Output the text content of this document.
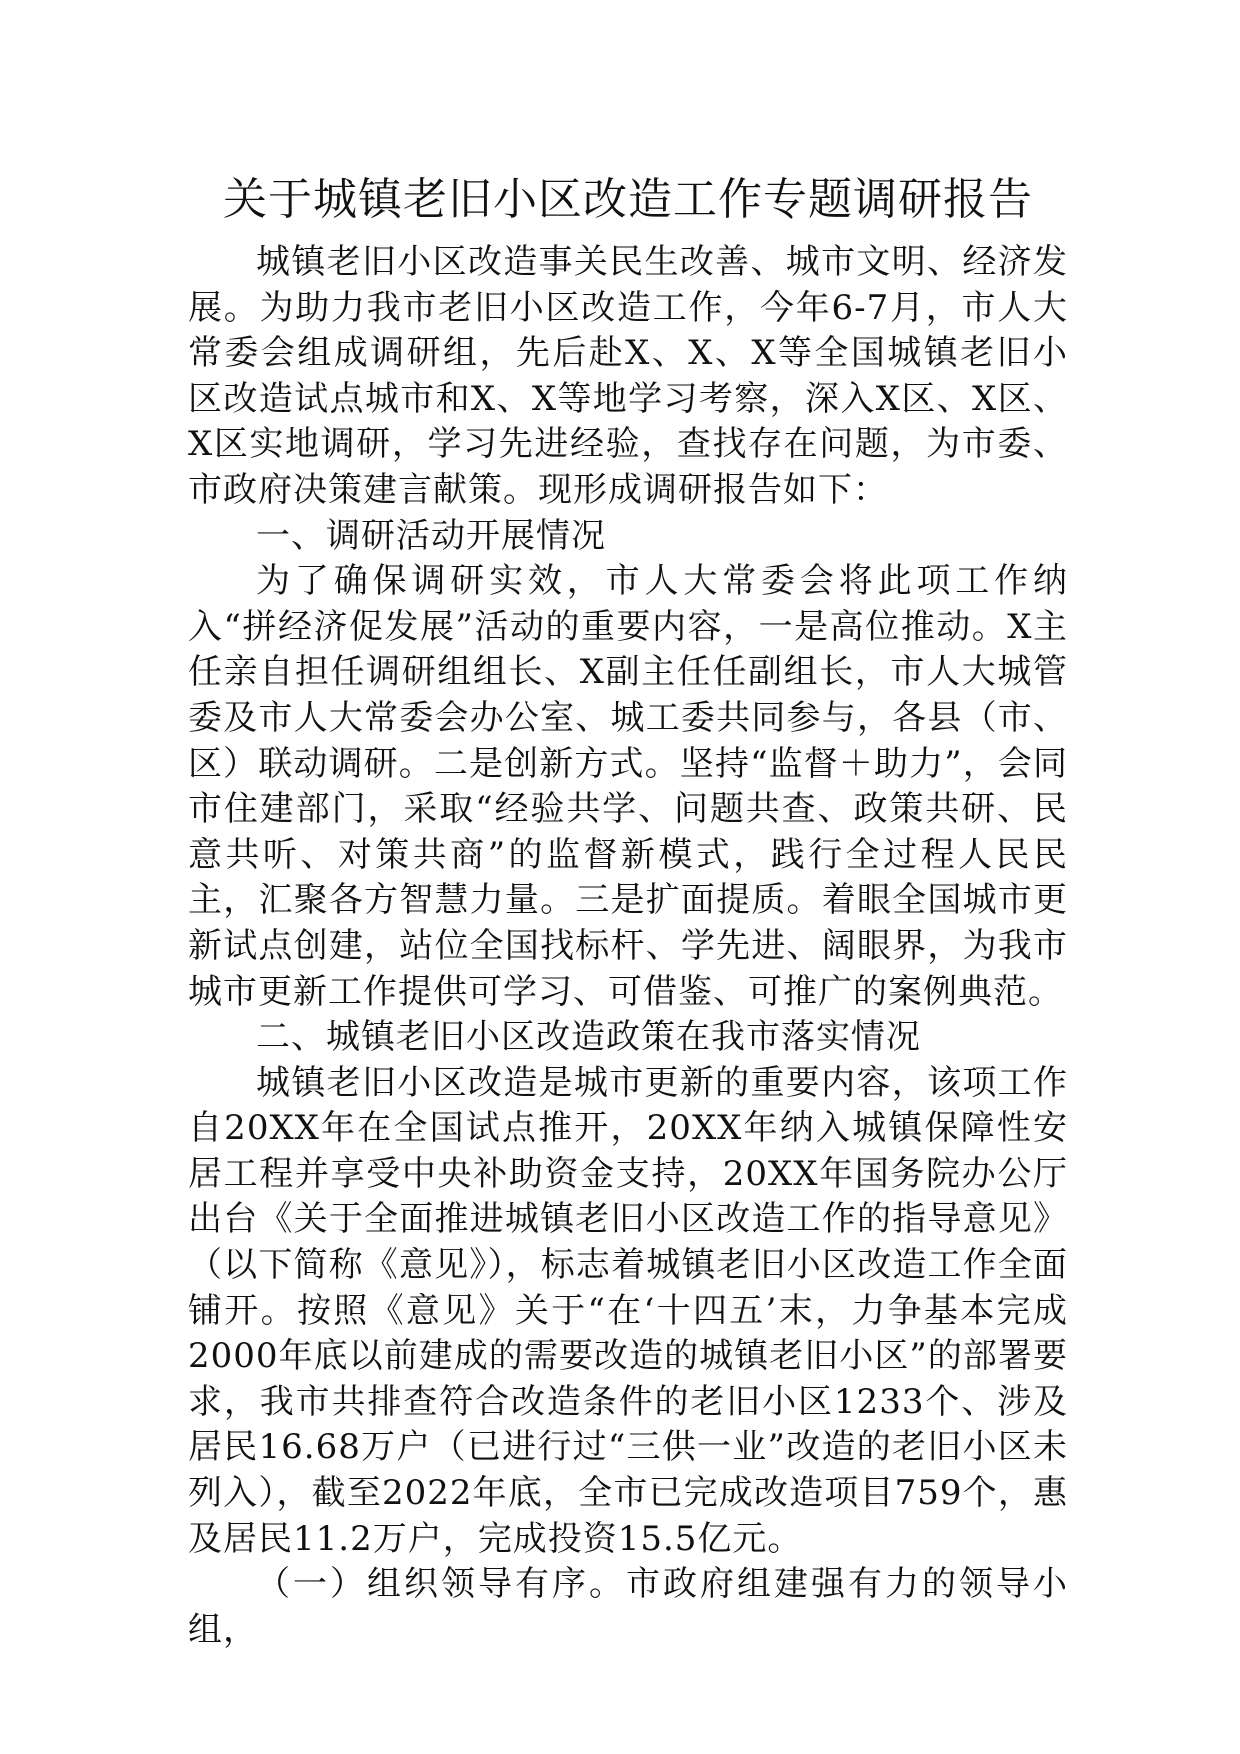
关于城镇老旧小区改造工作专题调研报告

城镇老旧小区改造事关民生改善、城市文明、经济发展。为助力我市老旧小区改造工作，今年6-7月，市人大常委会组成调研组，先后赴X、X、X等全国城镇老旧小区改造试点城市和X、X等地学习考察，深入X区、X区、X区实地调研，学习先进经验，查找存在问题，为市委、市政府决策建言献策。现形成调研报告如下：

一、调研活动开展情况

为了确保调研实效，市人大常委会将此项工作纳入“拼经济促发展”活动的重要内容，一是高位推动。X主任亲自担任调研组组长、X副主任任副组长，市人大城管委及市人大常委会办公室、城工委共同参与，各县（市、区）联动调研。二是创新方式。坚持“监督＋助力”，会同市住建部门，采取“经验共学、问题共查、政策共研、民意共听、对策共商”的监督新模式，践行全过程人民民主，汇聚各方智慧力量。三是扩面提质。着眼全国城市更新试点创建，站位全国找标杆、学先进、阔眼界，为我市城市更新工作提供可学习、可借鉴、可推广的案例典范。

二、城镇老旧小区改造政策在我市落实情况

城镇老旧小区改造是城市更新的重要内容，该项工作自20XX年在全国试点推开，20XX年纳入城镇保障性安居工程并享受中央补助资金支持，20XX年国务院办公厅出台《关于全面推进城镇老旧小区改造工作的指导意见》（以下简称《意见》），标志着城镇老旧小区改造工作全面铺开。按照《意见》关于“在‘十四五’末，力争基本完成2000年底以前建成的需要改造的城镇老旧小区”的部署要求，我市共排查符合改造条件的老旧小区1233个、涉及居民16.68万户（已进行过“三供一业”改造的老旧小区未列入），截至2022年底，全市已完成改造项目759个，惠及居民11.2万户，完成投资15.5亿元。

（一）组织领导有序。市政府组建强有力的领导小组，
